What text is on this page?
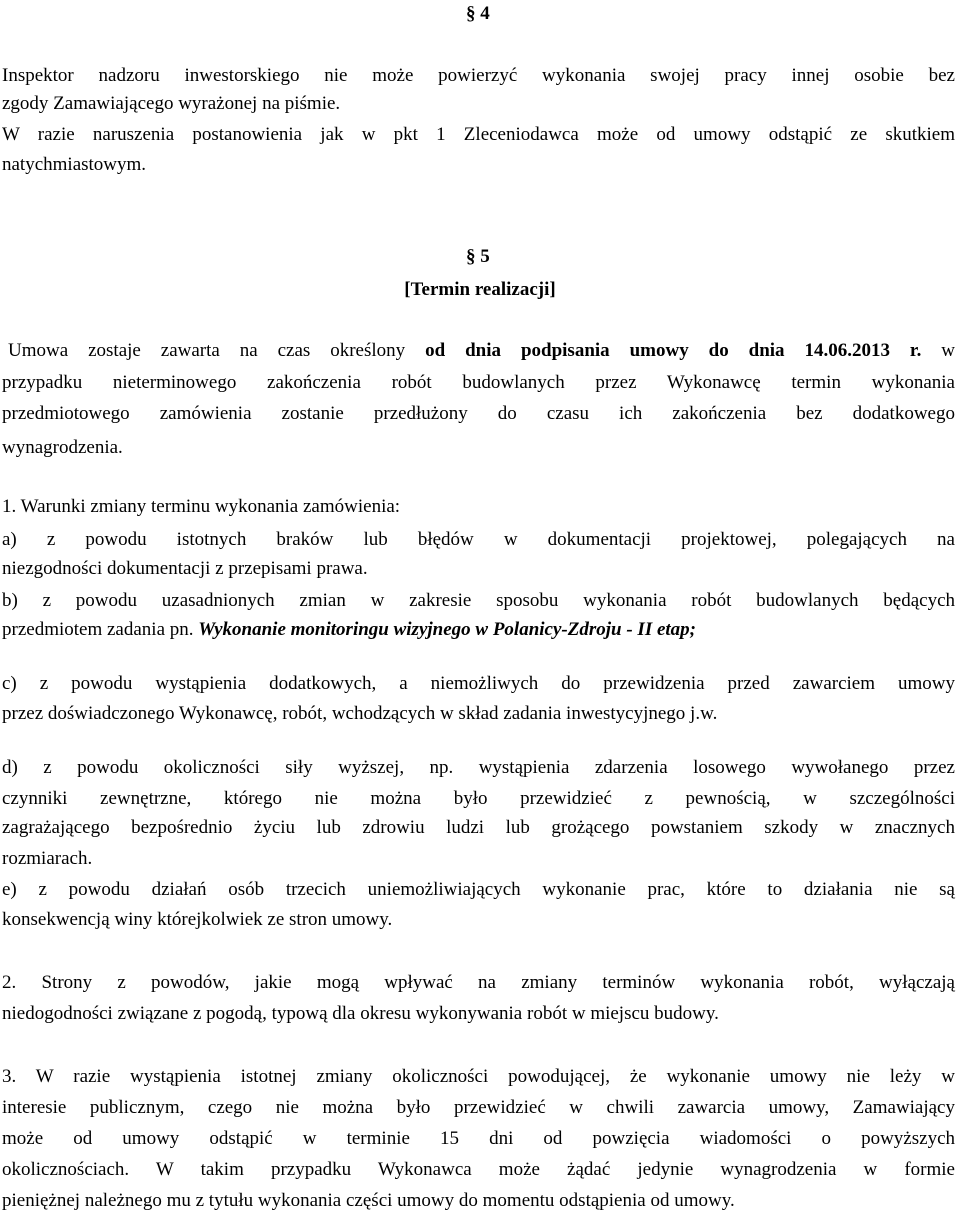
§ 4
Inspektor nadzoru inwestorskiego nie może powierzyć wykonania swojej pracy innej osobie bez
zgody Zamawiającego wyrażonej na piśmie.
W razie naruszenia postanowienia jak w pkt 1 Zleceniodawca może od umowy odstąpić ze skutkiem
natychmiastowym.
§ 5
[Termin realizacji]
Umowa zostaje zawarta na czas określony od dnia podpisania umowy do dnia 14.06.2013 r. w
przypadku nieterminowego zakończenia robót budowlanych przez Wykonawcę termin wykonania
przedmiotowego zamówienia zostanie przedłużony do czasu ich zakończenia bez dodatkowego
wynagrodzenia.
1. Warunki zmiany terminu wykonania zamówienia:
a) z powodu istotnych braków lub błędów w dokumentacji projektowej, polegających na
niezgodności dokumentacji z przepisami prawa.
b) z powodu uzasadnionych zmian w zakresie sposobu wykonania robót budowlanych będących
przedmiotem zadania pn. Wykonanie monitoringu wizyjnego w Polanicy-Zdroju - II etap;
c) z powodu wystąpienia dodatkowych, a niemożliwych do przewidzenia przed zawarciem umowy
przez doświadczonego Wykonawcę, robót, wchodzących w skład zadania inwestycyjnego j.w.
d) z powodu okoliczności siły wyższej, np. wystąpienia zdarzenia losowego wywołanego przez
czynniki zewnętrzne, którego nie można było przewidzieć z pewnością, w szczególności
zagrażającego bezpośrednio życiu lub zdrowiu ludzi lub grożącego powstaniem szkody w znacznych
rozmiarach.
e) z powodu działań osób trzecich uniemożliwiających wykonanie prac, które to działania nie są
konsekwencją winy którejkolwiek ze stron umowy.
2. Strony z powodów, jakie mogą wpływać na zmiany terminów wykonania robót, wyłączają
niedogodności związane z pogodą, typową dla okresu wykonywania robót w miejscu budowy.
3. W razie wystąpienia istotnej zmiany okoliczności powodującej, że wykonanie umowy nie leży w
interesie publicznym, czego nie można było przewidzieć w chwili zawarcia umowy, Zamawiający
może od umowy odstąpić w terminie 15 dni od powzięcia wiadomości o powyższych
okolicznościach. W takim przypadku Wykonawca może żądać jedynie wynagrodzenia w formie
pieniężnej należnego mu z tytułu wykonania części umowy do momentu odstąpienia od umowy.
